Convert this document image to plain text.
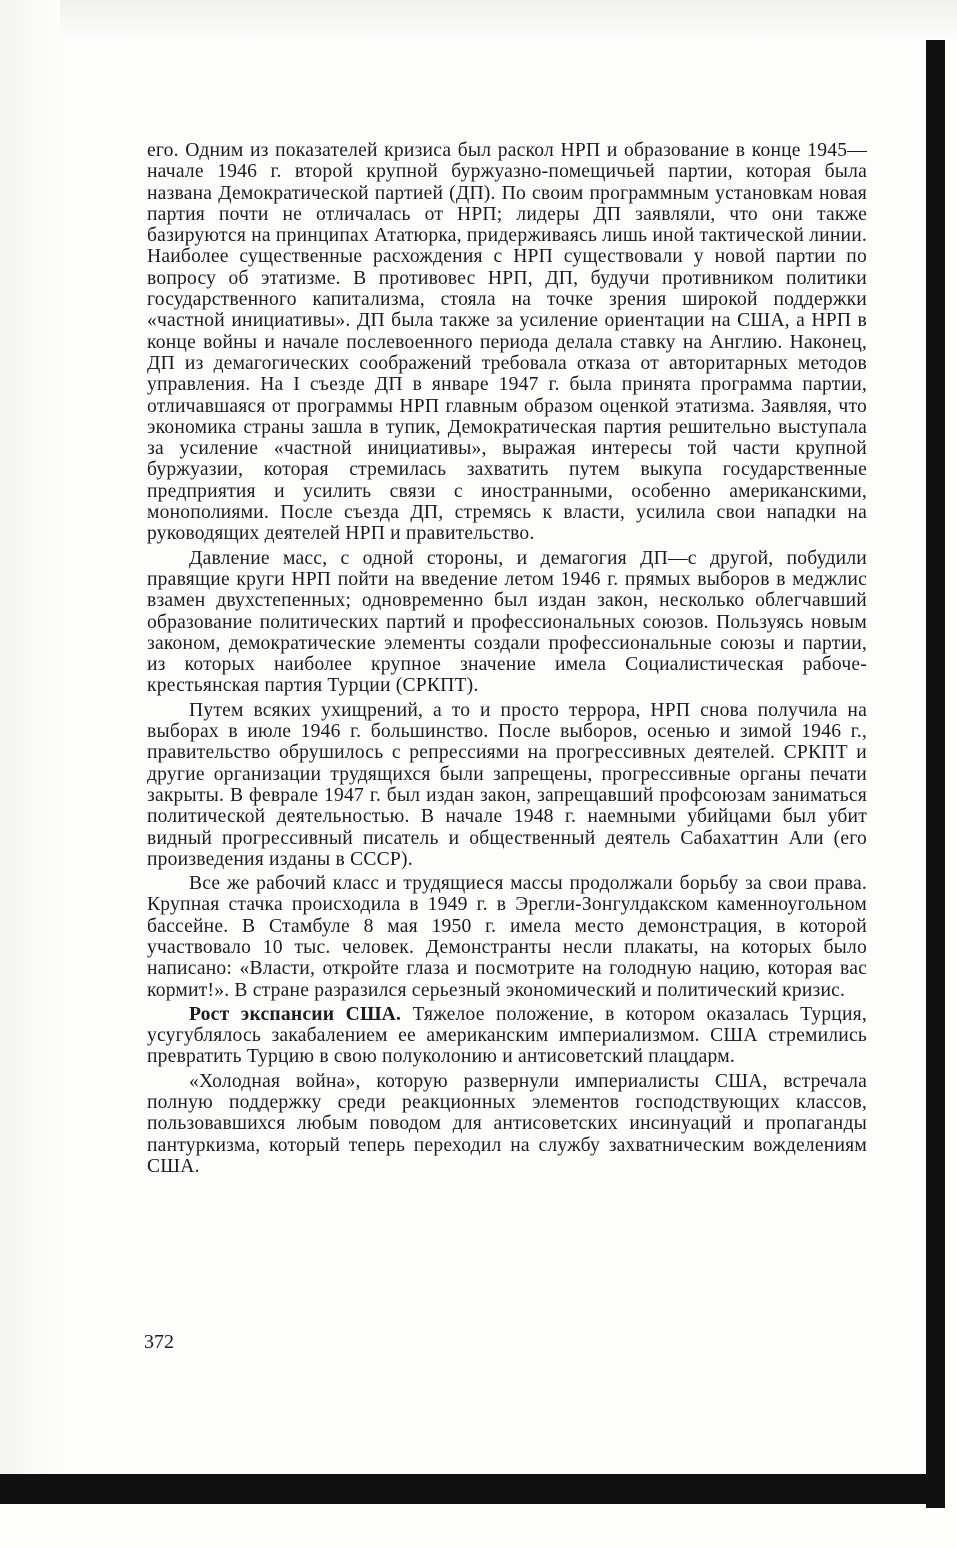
его. Одним из показателей кризиса был раскол НРП и образование в конце 1945—начале 1946 г. второй крупной буржуазно-помещичьей партии, которая была названа Демократической партией (ДП). По своим программным установкам новая партия почти не отличалась от НРП; лидеры ДП заявляли, что они также базируются на принципах Ататюрка, придерживаясь лишь иной тактической линии. Наиболее существенные расхождения с НРП существовали у новой партии по вопросу об этатизме. В противовес НРП, ДП, будучи противником политики государственного капитализма, стояла на точке зрения широкой поддержки «частной инициативы». ДП была также за усиление ориентации на США, а НРП в конце войны и начале послевоенного периода делала ставку на Англию. Наконец, ДП из демагогических соображений требовала отказа от авторитарных методов управления. На I съезде ДП в январе 1947 г. была принята программа партии, отличавшаяся от программы НРП главным образом оценкой этатизма. Заявляя, что экономика страны зашла в тупик, Демократическая партия решительно выступала за усиление «частной инициативы», выражая интересы той части крупной буржуазии, которая стремилась захватить путем выкупа государственные предприятия и усилить связи с иностранными, особенно американскими, монополиями. После съезда ДП, стремясь к власти, усилила свои нападки на руководящих деятелей НРП и правительство.

Давление масс, с одной стороны, и демагогия ДП—с другой, побудили правящие круги НРП пойти на введение летом 1946 г. прямых выборов в меджлис взамен двухстепенных; одновременно был издан закон, несколько облегчавший образование политических партий и профессиональных союзов. Пользуясь новым законом, демократические элементы создали профессиональные союзы и партии, из которых наиболее крупное значение имела Социалистическая рабоче-крестьянская партия Турции (СРКПТ).

Путем всяких ухищрений, а то и просто террора, НРП снова получила на выборах в июле 1946 г. большинство. После выборов, осенью и зимой 1946 г., правительство обрушилось с репрессиями на прогрессивных деятелей. СРКПТ и другие организации трудящихся были запрещены, прогрессивные органы печати закрыты. В феврале 1947 г. был издан закон, запрещавший профсоюзам заниматься политической деятельностью. В начале 1948 г. наемными убийцами был убит видный прогрессивный писатель и общественный деятель Сабахаттин Али (его произведения изданы в СССР).

Все же рабочий класс и трудящиеся массы продолжали борьбу за свои права. Крупная стачка происходила в 1949 г. в Эрегли-Зонгулдакском каменноугольном бассейне. В Стамбуле 8 мая 1950 г. имела место демонстрация, в которой участвовало 10 тыс. человек. Демонстранты несли плакаты, на которых было написано: «Власти, откройте глаза и посмотрите на голодную нацию, которая вас кормит!». В стране разразился серьезный экономический и политический кризис.

Рост экспансии США. Тяжелое положение, в котором оказалась Турция, усугублялось закабалением ее американским империализмом. США стремились превратить Турцию в свою полуколонию и антисоветский плацдарм.

«Холодная война», которую развернули империалисты США, встречала полную поддержку среди реакционных элементов господствующих классов, пользовавшихся любым поводом для антисоветских инсинуаций и пропаганды пантуркизма, который теперь переходил на службу захватническим вожделениям США.

372
